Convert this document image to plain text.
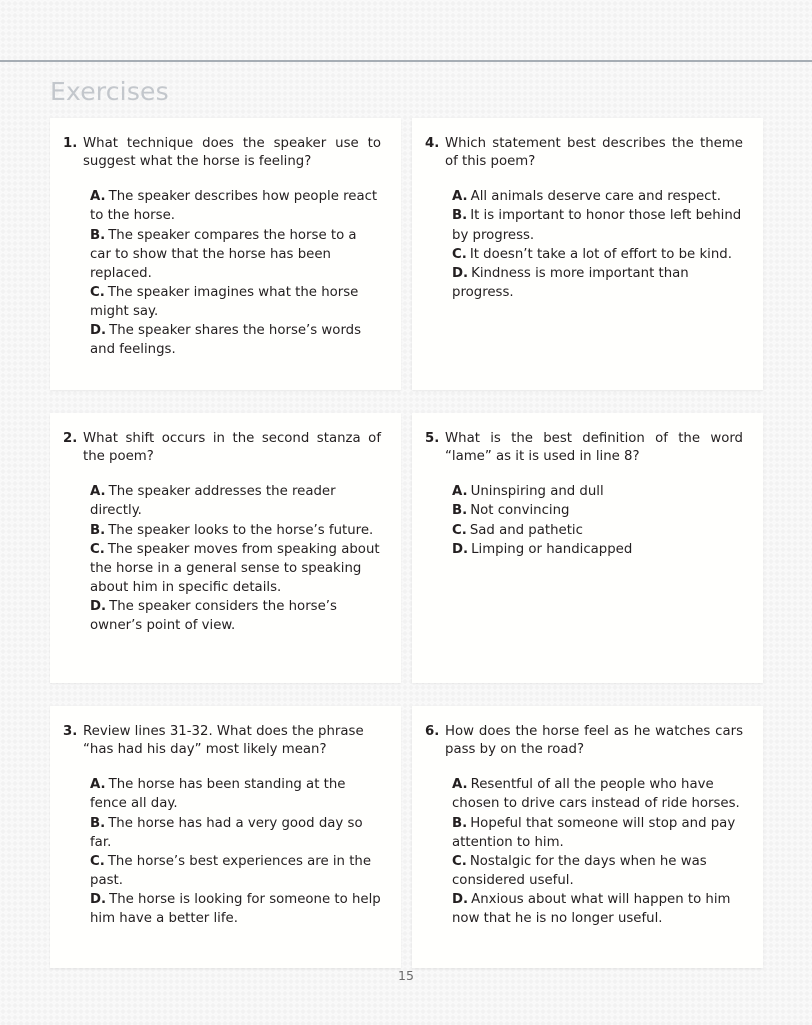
Exercises
1. What technique does the speaker use to suggest what the horse is feeling?

A. The speaker describes how people react to the horse.

B. The speaker compares the horse to a car to show that the horse has been replaced.

C. The speaker imagines what the horse might say.

D. The speaker shares the horse’s words and feelings.

4. Which statement best describes the theme of this poem?

A. All animals deserve care and respect.

B. It is important to honor those left behind by progress.

C. It doesn’t take a lot of effort to be kind.

D. Kindness is more important than progress.

2. What shift occurs in the second stanza of the poem?

A. The speaker addresses the reader directly.

B. The speaker looks to the horse’s future.

C. The speaker moves from speaking about the horse in a general sense to speaking about him in specific details.

D. The speaker considers the horse’s owner’s point of view.

5. What is the best definition of the word “lame” as it is used in line 8?

A. Uninspiring and dull

B. Not convincing

C. Sad and pathetic

D. Limping or handicapped

3. Review lines 31-32. What does the phrase “has had his day” most likely mean?

A. The horse has been standing at the fence all day.

B. The horse has had a very good day so far.

C. The horse’s best experiences are in the past.

D. The horse is looking for someone to help him have a better life.

6. How does the horse feel as he watches cars pass by on the road?

A. Resentful of all the people who have chosen to drive cars instead of ride horses.

B. Hopeful that someone will stop and pay attention to him.

C. Nostalgic for the days when he was considered useful.

D. Anxious about what will happen to him now that he is no longer useful.

15
